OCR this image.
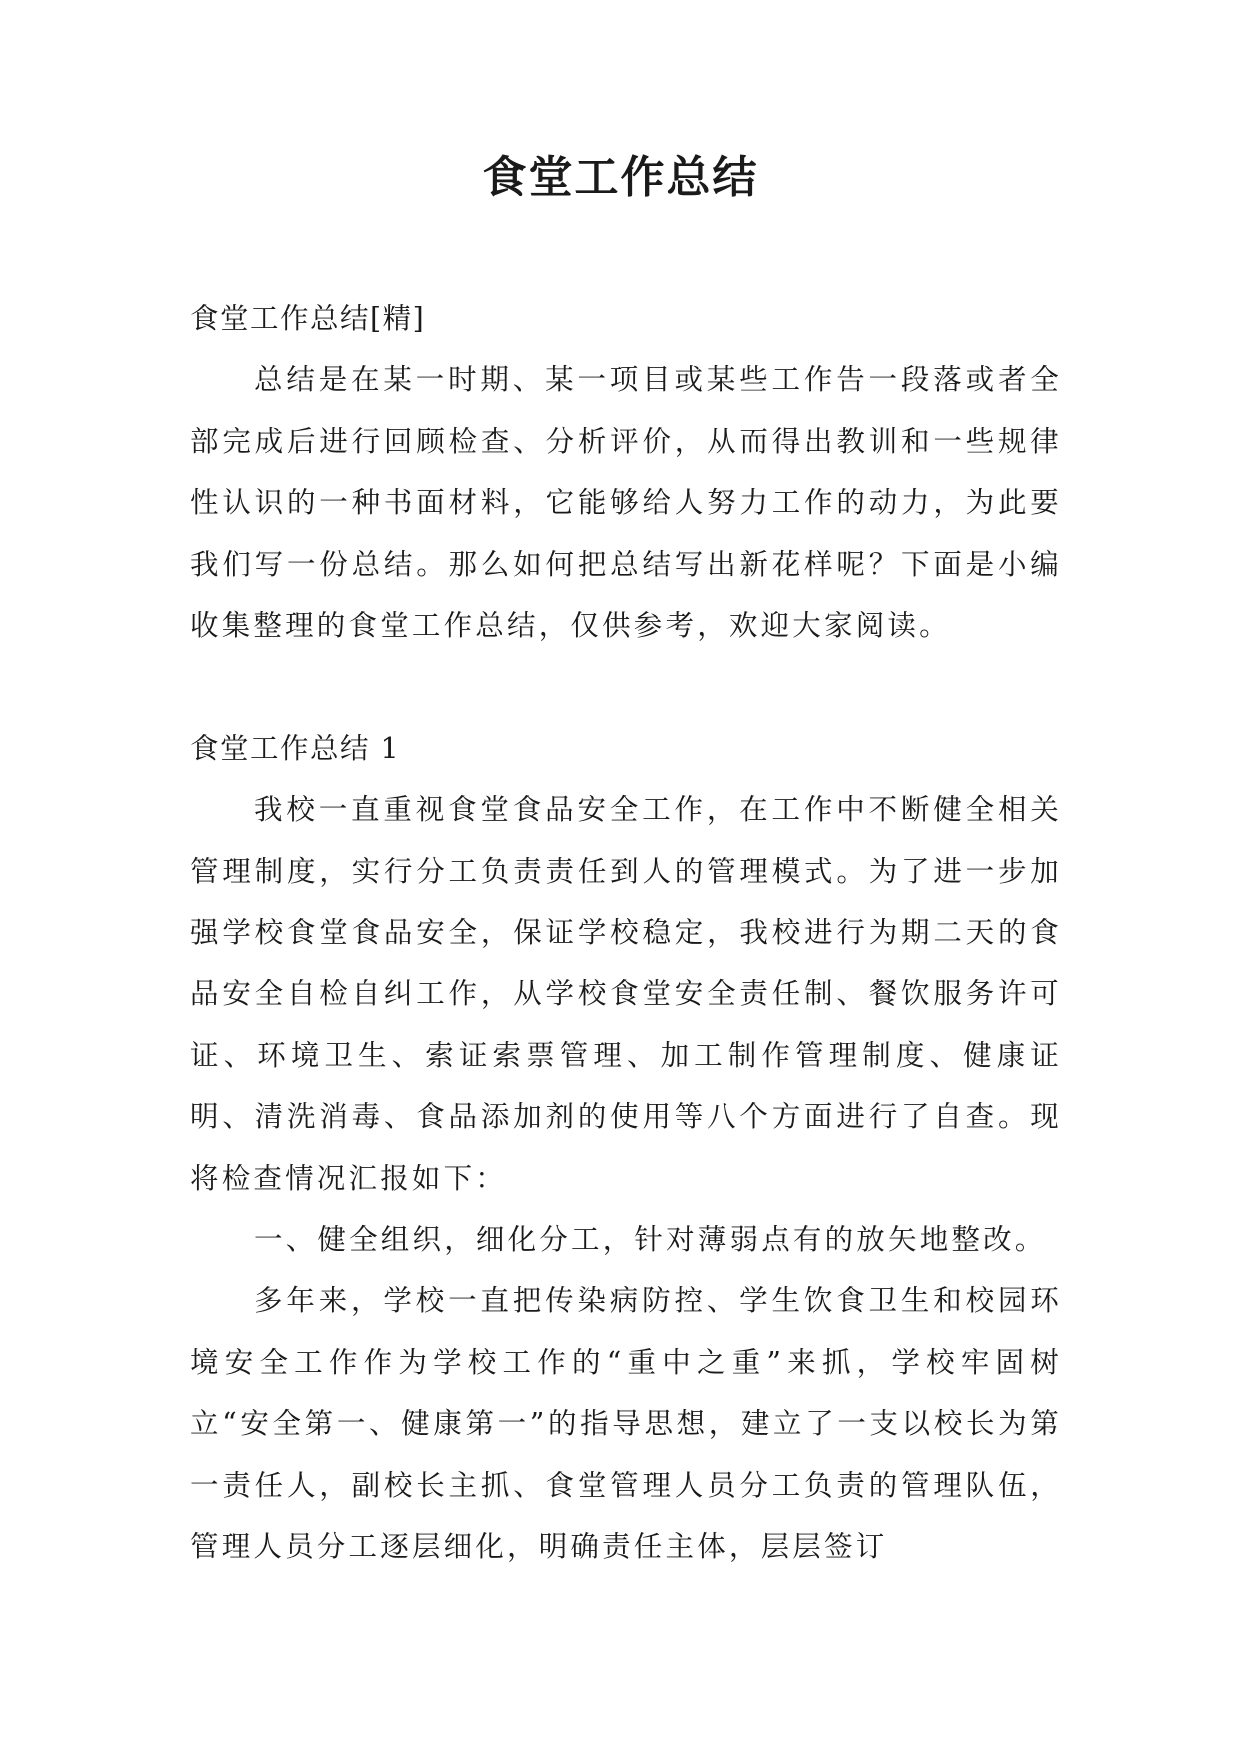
食堂工作总结

食堂工作总结[精]

总结是在某一时期、某一项目或某些工作告一段落或者全部完成后进行回顾检查、分析评价，从而得出教训和一些规律性认识的一种书面材料，它能够给人努力工作的动力，为此要我们写一份总结。那么如何把总结写出新花样呢？下面是小编收集整理的食堂工作总结，仅供参考，欢迎大家阅读。

食堂工作总结 1

我校一直重视食堂食品安全工作，在工作中不断健全相关管理制度，实行分工负责责任到人的管理模式。为了进一步加强学校食堂食品安全，保证学校稳定，我校进行为期二天的食品安全自检自纠工作，从学校食堂安全责任制、餐饮服务许可证、环境卫生、索证索票管理、加工制作管理制度、健康证明、清洗消毒、食品添加剂的使用等八个方面进行了自查。现将检查情况汇报如下：

一、健全组织，细化分工，针对薄弱点有的放矢地整改。

多年来，学校一直把传染病防控、学生饮食卫生和校园环境安全工作作为学校工作的“重中之重”来抓，学校牢固树立“安全第一、健康第一”的指导思想，建立了一支以校长为第一责任人，副校长主抓、食堂管理人员分工负责的管理队伍，管理人员分工逐层细化，明确责任主体，层层签订
